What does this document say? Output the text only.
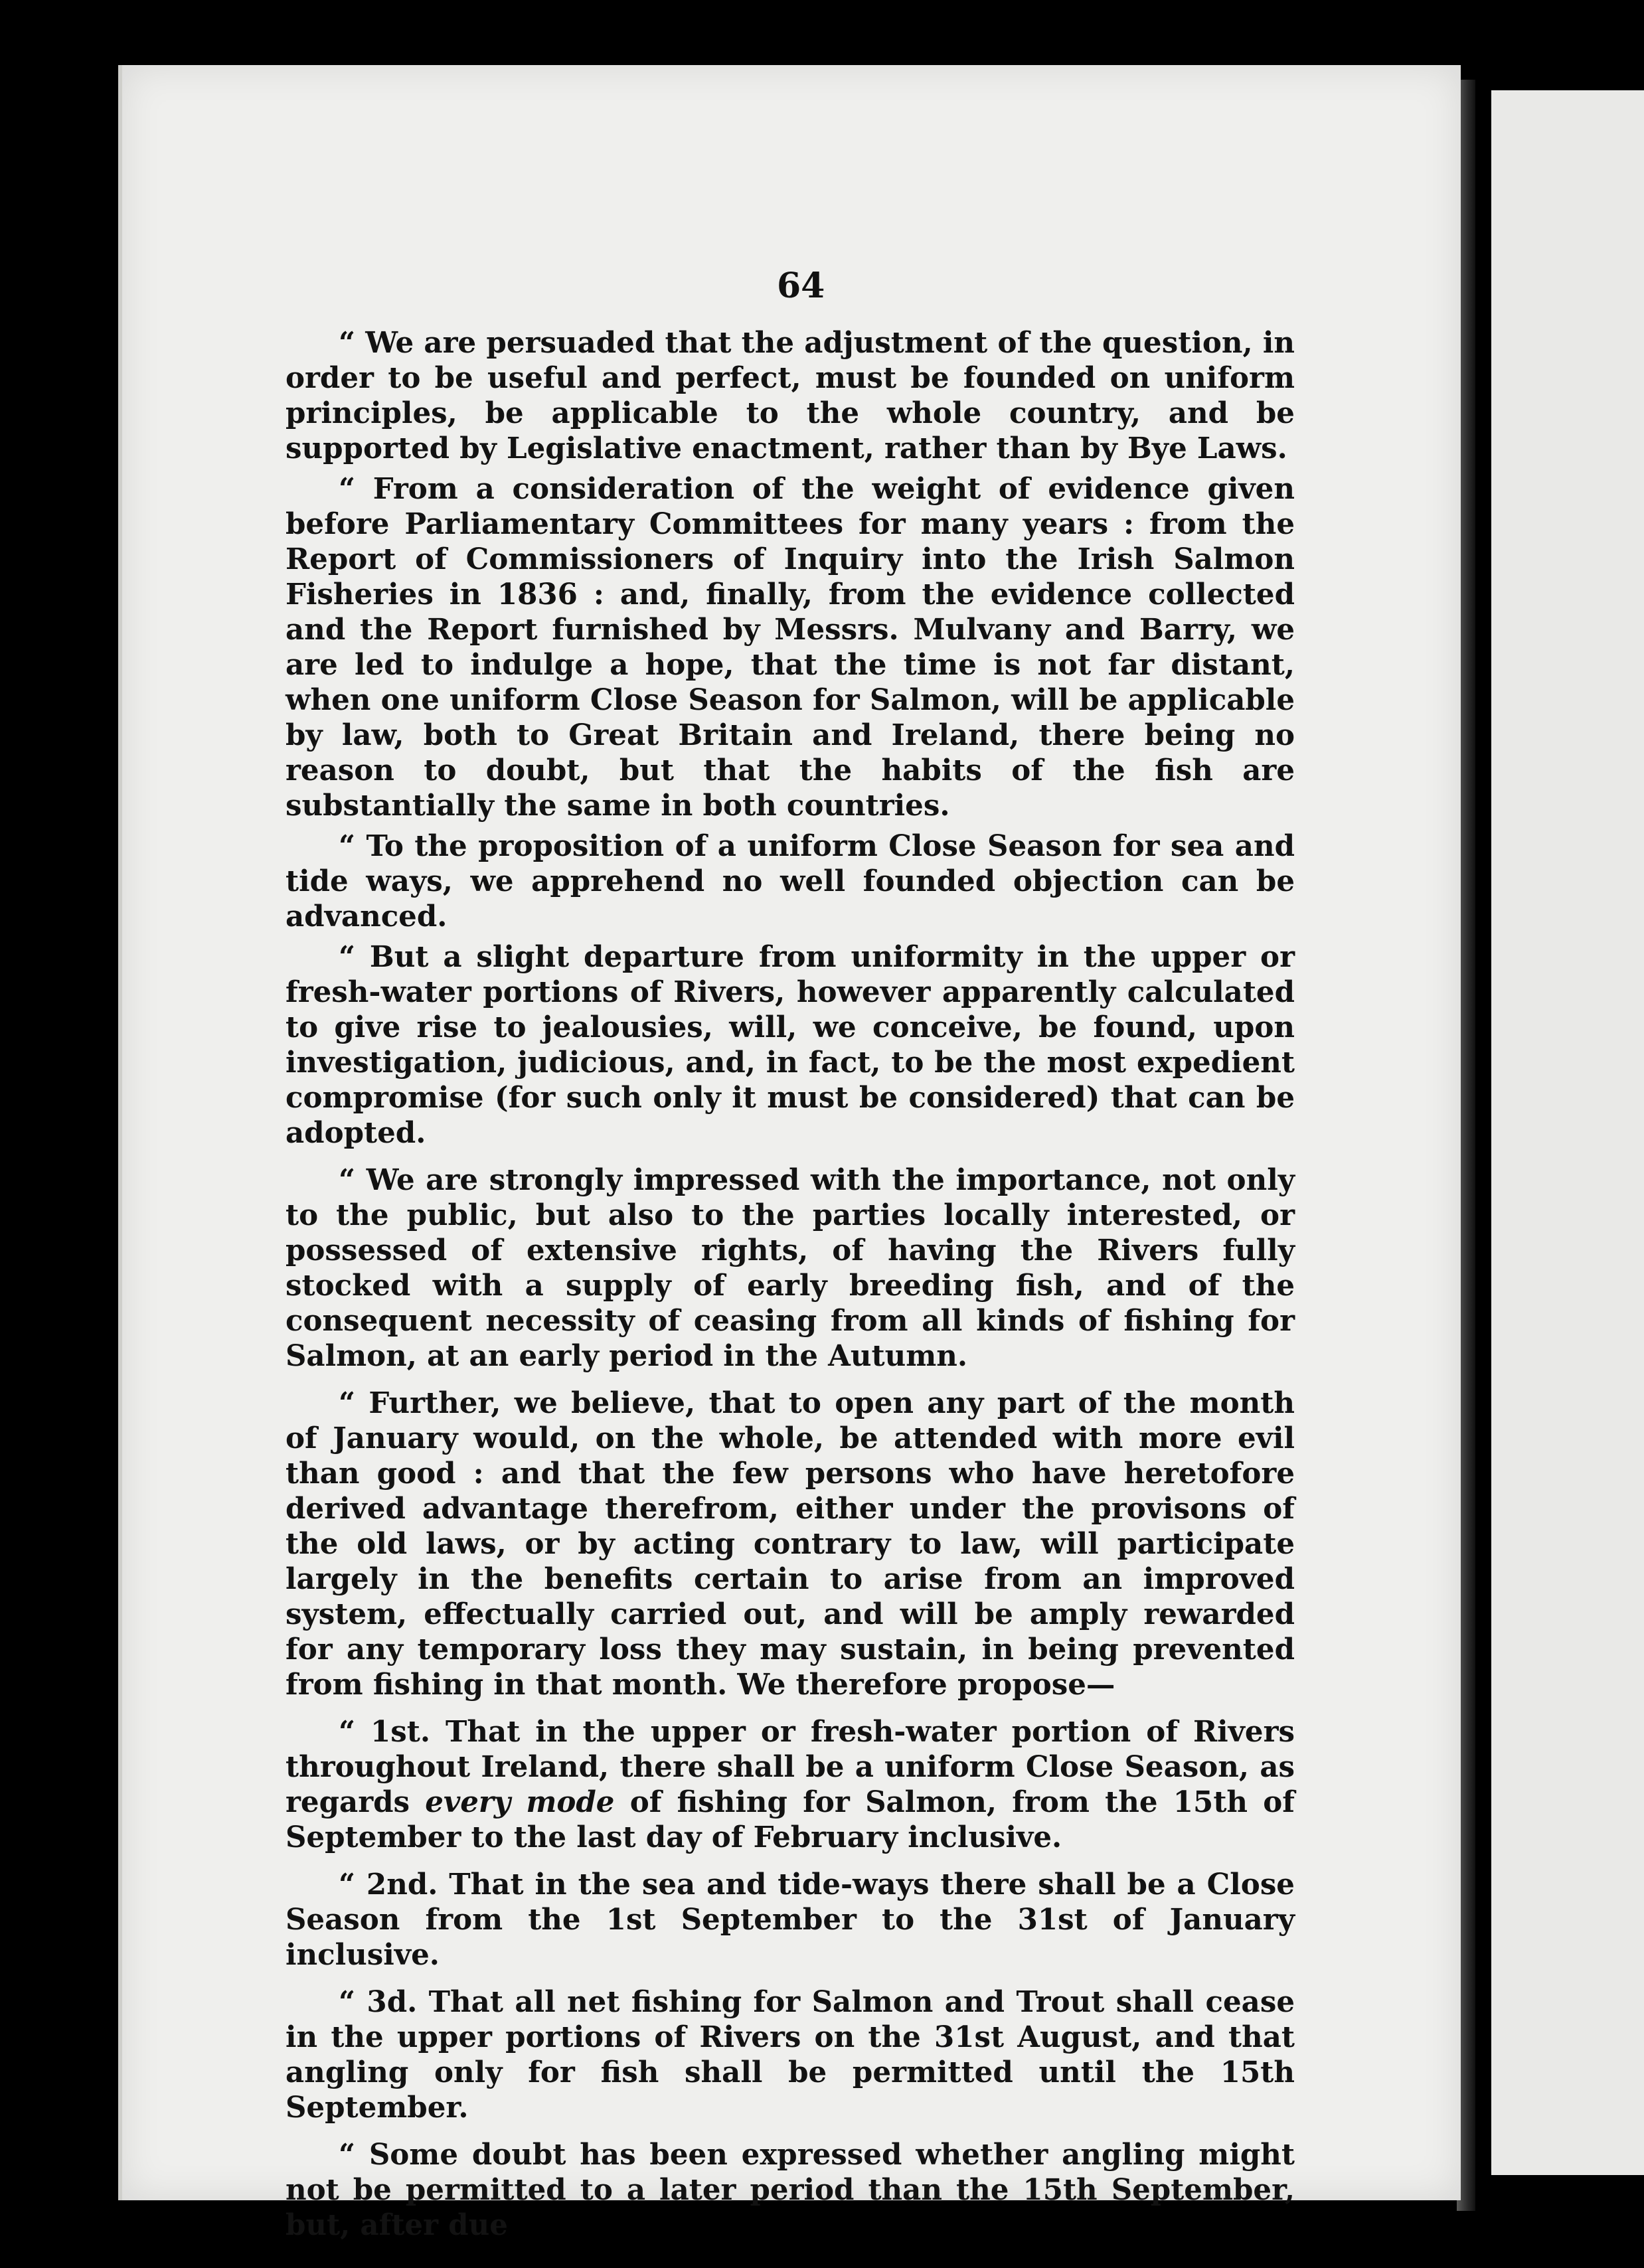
64

“ We are persuaded that the adjustment of the question, in order to be useful and perfect, must be founded on uniform principles, be applicable to the whole country, and be supported by Legislative enactment, rather than by Bye Laws.

“ From a consideration of the weight of evidence given before Parliamentary Committees for many years : from the Report of Commissioners of Inquiry into the Irish Salmon Fisheries in 1836 : and, finally, from the evidence collected and the Report furnished by Messrs. Mulvany and Barry, we are led to indulge a hope, that the time is not far distant, when one uniform Close Season for Salmon, will be applicable by law, both to Great Britain and Ireland, there being no reason to doubt, but that the habits of the fish are substantially the same in both countries.

“ To the proposition of a uniform Close Season for sea and tide ways, we apprehend no well founded objection can be advanced.

“ But a slight departure from uniformity in the upper or fresh-water portions of Rivers, however apparently calculated to give rise to jealousies, will, we conceive, be found, upon investigation, judicious, and, in fact, to be the most expedient compromise (for such only it must be considered) that can be adopted.

“ We are strongly impressed with the importance, not only to the public, but also to the parties locally interested, or possessed of extensive rights, of having the Rivers fully stocked with a supply of early breeding fish, and of the consequent necessity of ceasing from all kinds of fishing for Salmon, at an early period in the Autumn.

“ Further, we believe, that to open any part of the month of January would, on the whole, be attended with more evil than good : and that the few persons who have heretofore derived advantage therefrom, either under the provisons of the old laws, or by acting contrary to law, will participate largely in the benefits certain to arise from an improved system, effectually carried out, and will be amply rewarded for any temporary loss they may sustain, in being prevented from fishing in that month. We therefore propose—

“ 1st. That in the upper or fresh-water portion of Rivers throughout Ireland, there shall be a uniform Close Season, as regards every mode of fishing for Salmon, from the 15th of September to the last day of February inclusive.

“ 2nd. That in the sea and tide-ways there shall be a Close Season from the 1st September to the 31st of January inclusive.

“ 3d. That all net fishing for Salmon and Trout shall cease in the upper portions of Rivers on the 31st August, and that angling only for fish shall be permitted until the 15th September.

“ Some doubt has been expressed whether angling might not be permitted to a later period than the 15th September, but, after due
